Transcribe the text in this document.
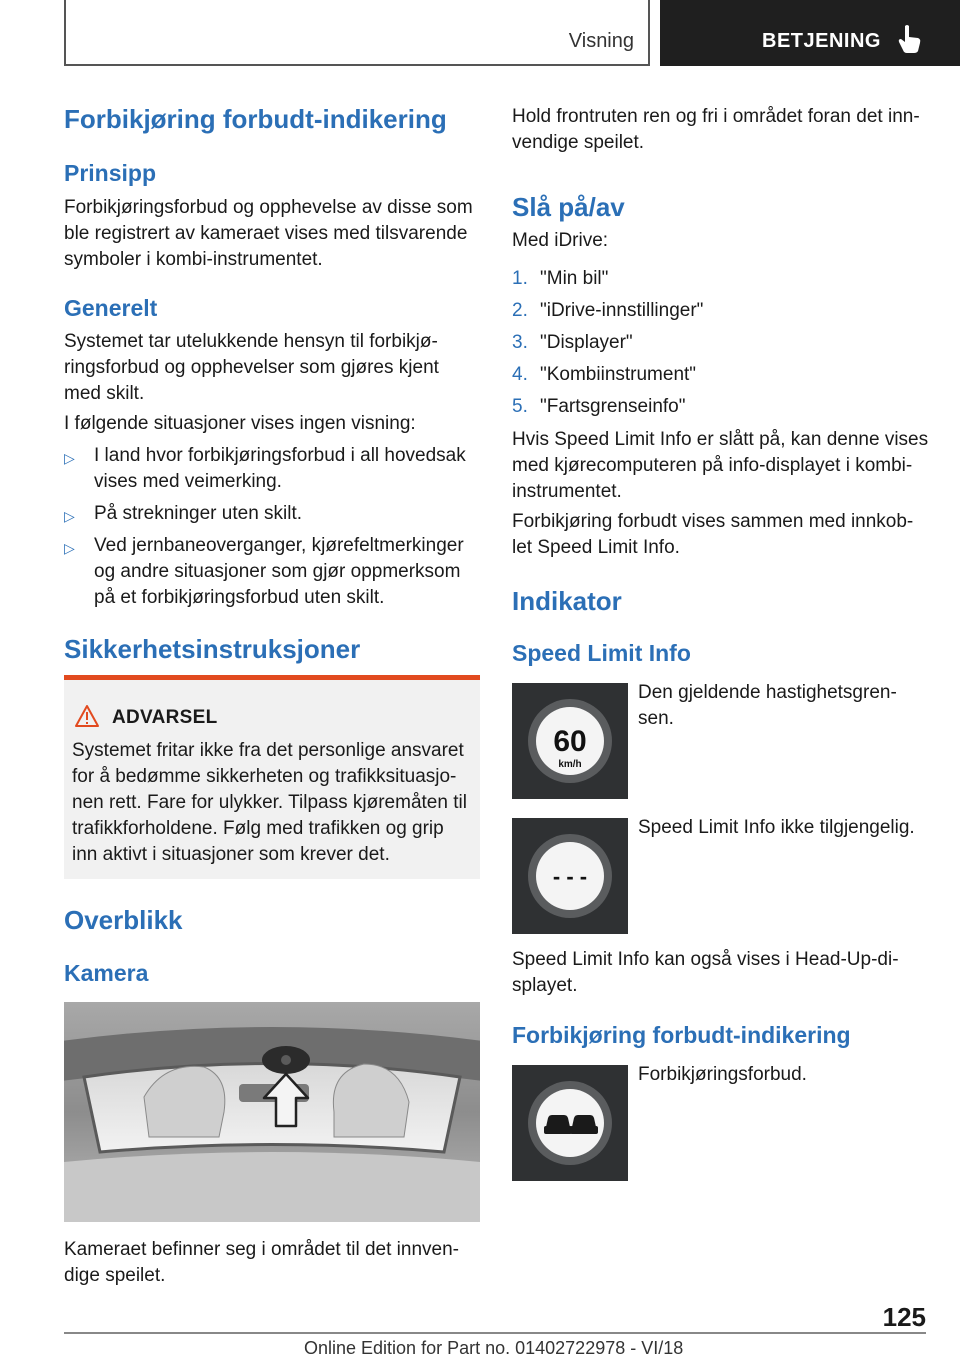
Visning	BETJENING
Forbikjøring forbudt-indikering
Prinsipp
Forbikjøringsforbud og opphevelse av disse som
ble registrert av kameraet vises med tilsvarende
symboler i kombi-instrumentet.
Generelt
Systemet tar utelukkende hensyn til forbikjø-
ringsforbud og opphevelser som gjøres kjent
med skilt.
I følgende situasjoner vises ingen visning:
▷ I land hvor forbikjøringsforbud i all hovedsak
vises med veimerking.
▷ På strekninger uten skilt.
▷ Ved jernbaneoverganger, kjørefeltmerkinger
og andre situasjoner som gjør oppmerksom
på et forbikjøringsforbud uten skilt.
Sikkerhetsinstruksjoner
ADVARSEL
Systemet fritar ikke fra det personlige ansvaret
for å bedømme sikkerheten og trafikksituasjo-
nen rett. Fare for ulykker. Tilpass kjøremåten til
trafikkforholdene. Følg med trafikken og grip
inn aktivt i situasjoner som krever det.
Overblikk
Kamera
Kameraet befinner seg i området til det innven-
dige speilet.
Hold frontruten ren og fri i området foran det inn-
vendige speilet.
Slå på/av
Med iDrive:
1. "Min bil"
2. "iDrive-innstillinger"
3. "Displayer"
4. "Kombiinstrument"
5. "Fartsgrenseinfo"
Hvis Speed Limit Info er slått på, kan denne vises
med kjørecomputeren på info-displayet i kombi-
instrumentet.
Forbikjøring forbudt vises sammen med innkob-
let Speed Limit Info.
Indikator
Speed Limit Info
60
km/h
Den gjeldende hastighetsgren-
sen.
- - -
Speed Limit Info ikke tilgjengelig.
Speed Limit Info kan også vises i Head-Up-di-
splayet.
Forbikjøring forbudt-indikering
Forbikjøringsforbud.
125
Online Edition for Part no. 01402722978 - VI/18
